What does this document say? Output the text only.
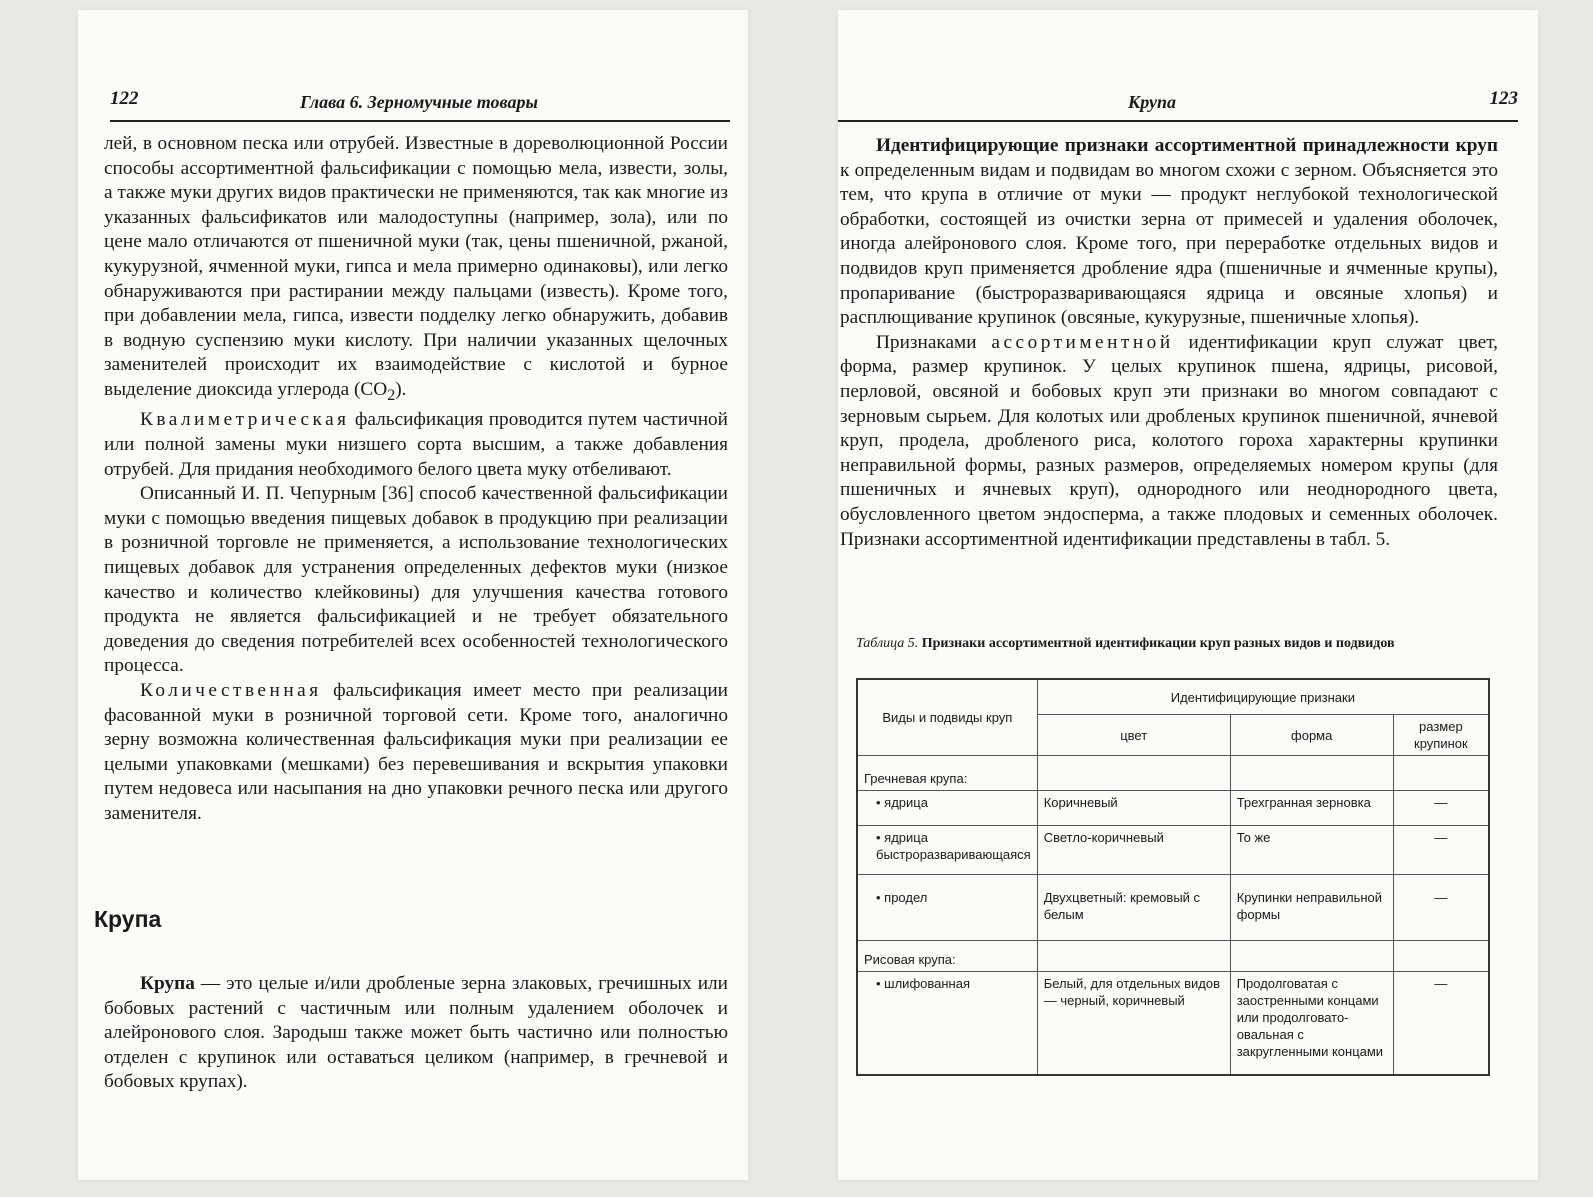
122	Глава 6. Зерномучные товары

лей, в основном песка или отрубей. Известные в дореволюционной России способы ассортиментной фальсификации с помощью мела, извести, золы, а также муки других видов практически не применяются, так как многие из указанных фальсификатов или малодоступны (например, зола), или по цене мало отличаются от пшеничной муки (так, цены пшеничной, ржаной, кукурузной, ячменной муки, гипса и мела примерно одинаковы), или легко обнаруживаются при растирании между пальцами (известь). Кроме того, при добавлении мела, гипса, извести подделку легко обнаружить, добавив в водную суспензию муки кислоту. При наличии указанных щелочных заменителей происходит их взаимодействие с кислотой и бурное выделение диоксида углерода $(CO_2)$.

Квалиметрическая фальсификация проводится путем частичной или полной замены муки низшего сорта высшим, а также добавления отрубей. Для придания необходимого белого цвета муку отбеливают.

Описанный И. П. Чепурным [36] способ качественной фальсификации муки с помощью введения пищевых добавок в продукцию при реализации в розничной торговле не применяется, а использование технологических пищевых добавок для устранения определенных дефектов муки (низкое качество и количество клейковины) для улучшения качества готового продукта не является фальсификацией и не требует обязательного доведения до сведения потребителей всех особенностей технологического процесса.

Количественная фальсификация имеет место при реализации фасованной муки в розничной торговой сети. Кроме того, аналогично зерну возможна количественная фальсификация муки при реализации ее целыми упаковками (мешками) без перевешивания и вскрытия упаковки путем недовеса или насыпания на дно упаковки речного песка или другого заменителя.

Крупа

Крупа — это целые и/или дробленые зерна злаковых, гречишных или бобовых растений с частичным или полным удалением оболочек и алейронового слоя. Зародыш также может быть частично или полностью отделен с крупинок или оставаться целиком (например, в гречневой и бобовых крупах).

Крупа	123

Идентифицирующие признаки ассортиментной принадлежности круп к определенным видам и подвидам во многом схожи с зерном. Объясняется это тем, что крупа в отличие от муки — продукт неглубокой технологической обработки, состоящей из очистки зерна от примесей и удаления оболочек, иногда алейронового слоя. Кроме того, при переработке отдельных видов и подвидов круп применяется дробление ядра (пшеничные и ячменные крупы), пропаривание (быстроразваривающаяся ядрица и овсяные хлопья) и расплющивание крупинок (овсяные, кукурузные, пшеничные хлопья).

Признаками ассортиментной идентификации круп служат цвет, форма, размер крупинок. У целых крупинок пшена, ядрицы, рисовой, перловой, овсяной и бобовых круп эти признаки во многом совпадают с зерновым сырьем. Для колотых или дробленых крупинок пшеничной, ячневой круп, продела, дробленого риса, колотого гороха характерны крупинки неправильной формы, разных размеров, определяемых номером крупы (для пшеничных и ячневых круп), однородного или неоднородного цвета, обусловленного цветом эндосперма, а также плодовых и семенных оболочек. Признаки ассортиментной идентификации представлены в табл. 5.

Таблица 5. Признаки ассортиментной идентификации круп разных видов и подвидов
Виды и подвиды круп	Идентифицирующие признаки		
	цвет	форма	размер крупинок
Гречневая крупа:			
• ядрица	Коричневый	Трехгранная зерновка	—
• ядрица быстроразваривающаяся	Светло-коричневый	То же	—
• продел	Двухцветный: кремовый с белым	Крупинки неправильной формы	—
Рисовая крупа:			
• шлифованная	Белый, для отдельных видов — черный, коричневый	Продолговатая с заостренными концами или продолговато-овальная с закругленными концами	—
